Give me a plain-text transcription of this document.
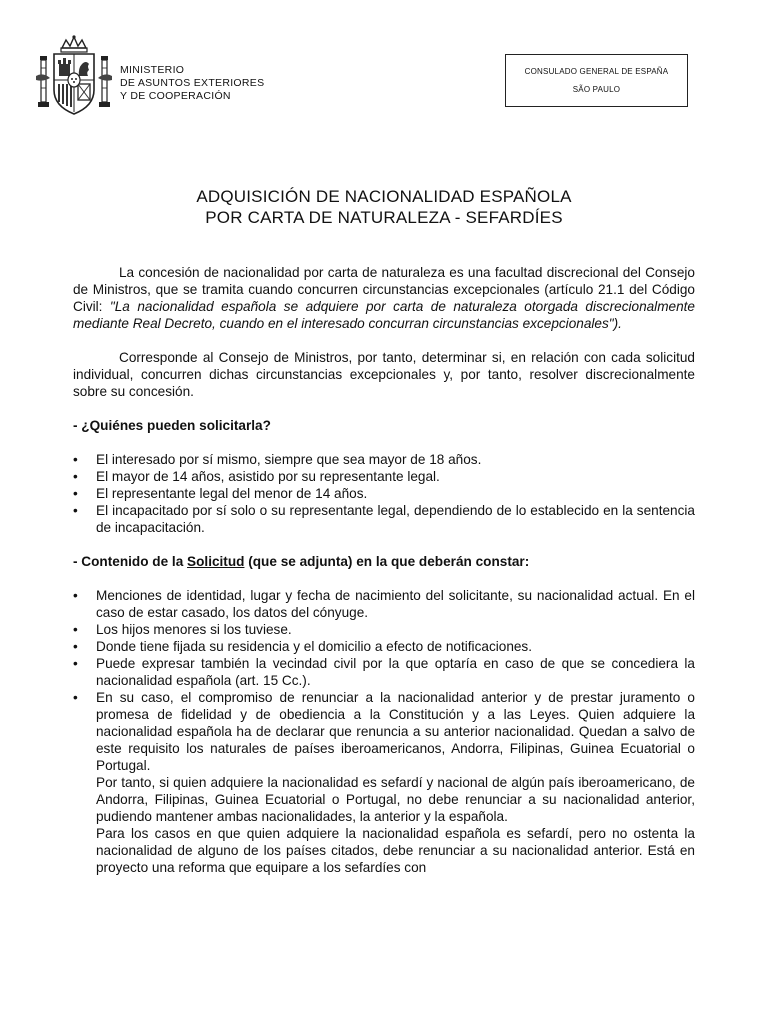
MINISTERIO
DE ASUNTOS EXTERIORES
Y DE COOPERACIÓN
CONSULADO GENERAL DE ESPAÑA
SÃO PAULO
ADQUISICIÓN DE NACIONALIDAD ESPAÑOLA
POR CARTA DE NATURALEZA - SEFARDÍES

La concesión de nacionalidad por carta de naturaleza es una facultad discrecional del Consejo de Ministros, que se tramita cuando concurren circunstancias excepcionales (artículo 21.1 del Código Civil: "La nacionalidad española se adquiere por carta de naturaleza otorgada discrecionalmente mediante Real Decreto, cuando en el interesado concurran circunstancias excepcionales").

Corresponde al Consejo de Ministros, por tanto, determinar si, en relación con cada solicitud individual, concurren dichas circunstancias excepcionales y, por tanto, resolver discrecionalmente sobre su concesión.

- ¿Quiénes pueden solicitarla?

• El interesado por sí mismo, siempre que sea mayor de 18 años.
• El mayor de 14 años, asistido por su representante legal.
• El representante legal del menor de 14 años.
• El incapacitado por sí solo o su representante legal, dependiendo de lo establecido en la sentencia de incapacitación.

- Contenido de la Solicitud (que se adjunta) en la que deberán constar:

• Menciones de identidad, lugar y fecha de nacimiento del solicitante, su nacionalidad actual. En el caso de estar casado, los datos del cónyuge.
• Los hijos menores si los tuviese.
• Donde tiene fijada su residencia y el domicilio a efecto de notificaciones.
• Puede expresar también la vecindad civil por la que optaría en caso de que se concediera la nacionalidad española (art. 15 Cc.).
• En su caso, el compromiso de renunciar a la nacionalidad anterior y de prestar juramento o promesa de fidelidad y de obediencia a la Constitución y a las Leyes. Quien adquiere la nacionalidad española ha de declarar que renuncia a su anterior nacionalidad. Quedan a salvo de este requisito los naturales de países iberoamericanos, Andorra, Filipinas, Guinea Ecuatorial o Portugal.

Por tanto, si quien adquiere la nacionalidad es sefardí y nacional de algún país iberoamericano, de Andorra, Filipinas, Guinea Ecuatorial o Portugal, no debe renunciar a su nacionalidad anterior, pudiendo mantener ambas nacionalidades, la anterior y la española.

Para los casos en que quien adquiere la nacionalidad española es sefardí, pero no ostenta la nacionalidad de alguno de los países citados, debe renunciar a su nacionalidad anterior. Está en proyecto una reforma que equipare a los sefardíes con
